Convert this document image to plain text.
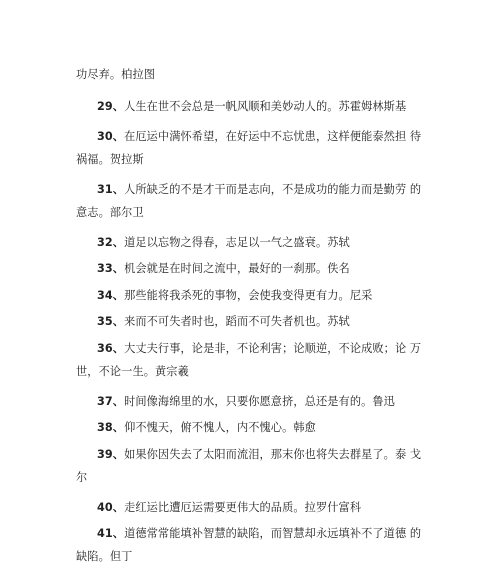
功尽弃。柏拉图
29、人生在世不会总是一帆风顺和美妙动人的。苏霍姆林斯基
30、在厄运中满怀希望，在好运中不忘忧患，这样便能泰然担 待
祸福。贺拉斯
31、人所缺乏的不是才干而是志向，不是成功的能力而是勤劳 的
意志。部尔卫
32、道足以忘物之得春，志足以一气之盛衰。苏轼
33、机会就是在时间之流中，最好的一刹那。佚名
34、那些能将我杀死的事物，会使我变得更有力。尼采
35、来而不可失者时也，蹈而不可失者机也。苏轼
36、大丈夫行事，论是非，不论利害；论顺逆，不论成败；论 万
世，不论一生。黄宗羲
37、时间像海绵里的水，只要你愿意挤，总还是有的。鲁迅
38、仰不愧天，俯不愧人，内不愧心。韩愈
39、如果你因失去了太阳而流泪，那末你也将失去群星了。泰 戈
尔
40、走红运比遭厄运需要更伟大的品质。拉罗什富科
41、道德常常能填补智慧的缺陷，而智慧却永远填补不了道德 的
缺陷。但丁
